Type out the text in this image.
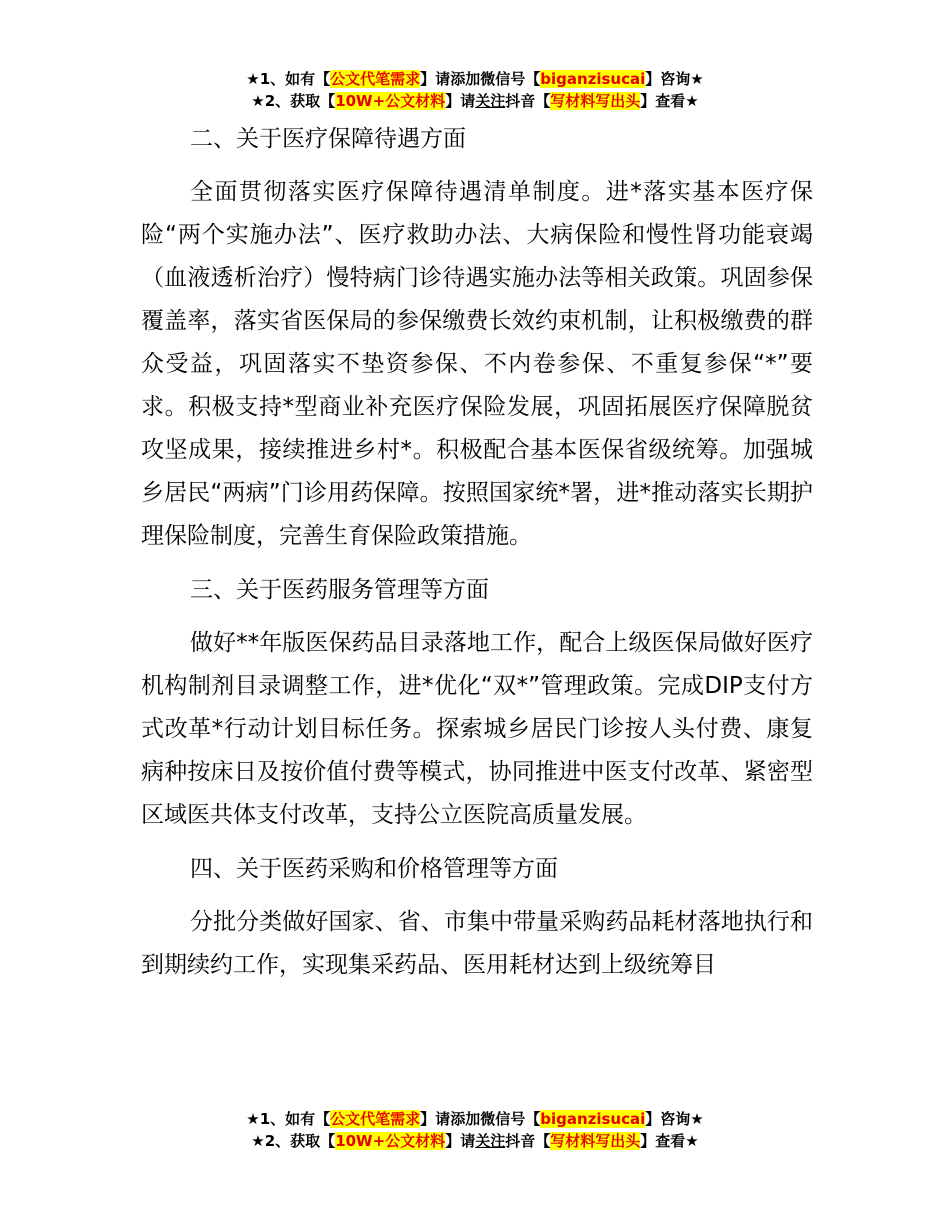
★1、如有【公文代笔需求】请添加微信号【biganzisucai】咨询★
★2、获取【10W+公文材料】请关注抖音【写材料写出头】查看★

二、关于医疗保障待遇方面

全面贯彻落实医疗保障待遇清单制度。进*落实基本医疗保险“两个实施办法”、医疗救助办法、大病保险和慢性肾功能衰竭（血液透析治疗）慢特病门诊待遇实施办法等相关政策。巩固参保覆盖率，落实省医保局的参保缴费长效约束机制，让积极缴费的群众受益，巩固落实不垫资参保、不内卷参保、不重复参保“*”要求。积极支持*型商业补充医疗保险发展，巩固拓展医疗保障脱贫攻坚成果，接续推进乡村*。积极配合基本医保省级统筹。加强城乡居民“两病”门诊用药保障。按照国家统*署，进*推动落实长期护理保险制度，完善生育保险政策措施。

三、关于医药服务管理等方面

做好**年版医保药品目录落地工作，配合上级医保局做好医疗机构制剂目录调整工作，进*优化“双*”管理政策。完成DIP支付方式改革*行动计划目标任务。探索城乡居民门诊按人头付费、康复病种按床日及按价值付费等模式，协同推进中医支付改革、紧密型区域医共体支付改革，支持公立医院高质量发展。

四、关于医药采购和价格管理等方面

分批分类做好国家、省、市集中带量采购药品耗材落地执行和到期续约工作，实现集采药品、医用耗材达到上级统筹目

★1、如有【公文代笔需求】请添加微信号【biganzisucai】咨询★
★2、获取【10W+公文材料】请关注抖音【写材料写出头】查看★
